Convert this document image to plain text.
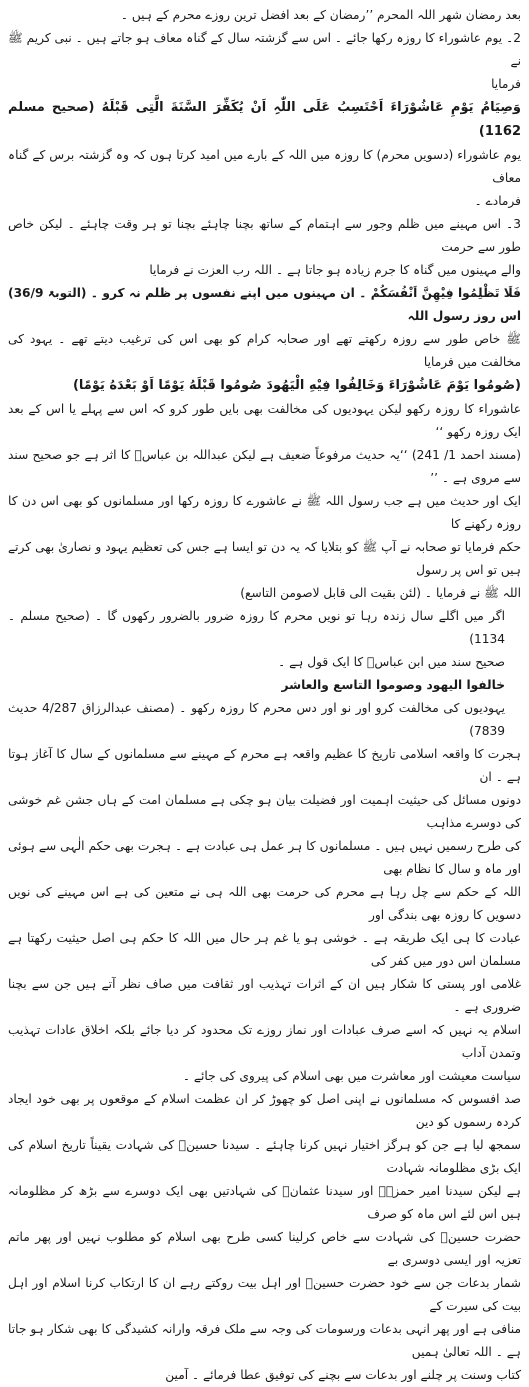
بعد رمضان شھر اللہ المحرم ’’رمضان کے بعد افضل ترین روزے محرم کے ہیں ۔

2۔ یوم عاشوراء کا روزہ رکھا جائے ۔ اس سے گزشتہ سال کے گناہ معاف ہو جاتے ہیں ۔ نبی کریم ﷺ نے

فرمایا

وَصِیَامُ یَوْمِ عَاشُوْرَاءَ اَحْتَسِبُ عَلَی اللّٰہِ اَنْ یُکَفِّرَ السَّنَةَ الَّتِی قَبْلَهُ (صحیح مسلم 1162)

یوم عاشوراء (دسویں محرم) کا روزہ میں اللہ کے بارے میں امید کرتا ہوں کہ وہ گزشتہ برس کے گناہ معاف

فرمادے ۔

3۔ اس مہینے میں ظلم وجور سے اہتمام کے ساتھ بچنا چاہئے بچنا تو ہر وقت چاہئے ۔ لیکن خاص طور سے حرمت

والے مہینوں میں گناہ کا جرم زیادہ ہو جاتا ہے ۔ اللہ رب العزت نے فرمایا

فَلَا تَظْلِمُوا فِیْهِنَّ اَنْفُسَکُمْ ۔ ان مہینوں میں اپنے نفسوں پر ظلم نہ کرو ۔ (التوبۃ 36/9) اس روز رسول اللہ

ﷺ خاص طور سے روزہ رکھتے تھے اور صحابہ کرام کو بھی اس کی ترغیب دیتے تھے ۔ یہود کی مخالفت میں فرمایا

(صُومُوا یَوْمَ عَاشُوْرَاءَ وَخَالِفُوا فِیْهِ الْیَهُودَ صُومُوا قَبْلَهُ یَوْمًا اَوْ بَعْدَهُ یَوْمًا)

عاشوراء کا روزہ رکھو لیکن یہودیوں کی مخالفت بھی بایں طور کرو کہ اس سے پہلے یا اس کے بعد ایک روزہ رکھو ‘‘

(مسند احمد 1/ 241) ‘‘یہ حدیث مرفوعاً ضعیف ہے لیکن عبداللہ بن عباسؓ کا اثر ہے جو صحیح سند سے مروی ہے ۔ ’’

ایک اور حدیث میں ہے جب رسول اللہ ﷺ نے عاشورے کا روزہ رکھا اور مسلمانوں کو بھی اس دن کا روزہ رکھنے کا

حکم فرمایا تو صحابہ نے آپ ﷺ کو بتلایا کہ یہ دن تو ایسا ہے جس کی تعظیم یہود و نصاریٰ بھی کرتے ہیں تو اس پر رسول

اللہ ﷺ نے فرمایا ۔ (لئن بقیت الی قابل لاصومن التاسع)

اگر میں اگلے سال زندہ رہا تو نویں محرم کا روزہ ضرور بالضرور رکھوں گا ۔ (صحیح مسلم ۔ 1134)

صحیح سند میں ابن عباسؓ کا ایک قول ہے ۔

خالفوا الیھود وصوموا التاسع والعاشر

یہودیوں کی مخالفت کرو اور نو اور دس محرم کا روزہ رکھو ۔ (مصنف عبدالرزاق 4/287 حدیث 7839)

ہجرت کا واقعہ اسلامی تاریخ کا عظیم واقعہ ہے محرم کے مہینے سے مسلمانوں کے سال کا آغاز ہوتا ہے ۔ ان

دونوں مسائل کی حیثیت اہمیت اور فضیلت بیان ہو چکی ہے مسلمان امت کے ہاں جشن غم خوشی کی دوسرے مذاہب

کی طرح رسمیں نہیں ہیں ۔ مسلمانوں کا ہر عمل ہی عبادت ہے ۔ ہجرت بھی حکم الٰہی سے ہوئی اور ماہ و سال کا نظام بھی

اللہ کے حکم سے چل رہا ہے محرم کی حرمت بھی اللہ ہی نے متعین کی ہے اس مہینے کی نویں دسویں کا روزہ بھی بندگی اور

عبادت کا ہی ایک طریقہ ہے ۔ خوشی ہو یا غم ہر حال میں اللہ کا حکم ہی اصل حیثیت رکھتا ہے مسلمان اس دور میں کفر کی

غلامی اور پستی کا شکار ہیں ان کے اثرات تہذیب اور ثقافت میں صاف نظر آتے ہیں جن سے بچنا ضروری ہے ۔

اسلام یہ نہیں کہ اسے صرف عبادات اور نماز روزے تک محدود کر دیا جائے بلکہ اخلاق عادات تہذیب وتمدن آداب

سیاست معیشت اور معاشرت میں بھی اسلام کی پیروی کی جائے ۔

صد افسوس کہ مسلمانوں نے اپنی اصل کو چھوڑ کر ان عظمت اسلام کے موقعوں پر بھی خود ایجاد کردہ رسموں کو دین

سمجھ لیا ہے جن کو ہرگز اختیار نہیں کرنا چاہئے ۔ سیدنا حسینؓ کی شہادت یقیناً تاریخ اسلام کی ایک بڑی مظلومانہ شہادت

ہے لیکن سیدنا امیر حمزہؓ اور سیدنا عثمانؓ کی شہادتیں بھی ایک دوسرے سے بڑھ کر مظلومانہ ہیں اس لئے اس ماہ کو صرف

حضرت حسینؓ کی شہادت سے خاص کرلینا کسی طرح بھی اسلام کو مطلوب نہیں اور پھر ماتم تعزیہ اور ایسی دوسری بے

شمار بدعات جن سے خود حضرت حسینؓ اور اہل بیت روکتے رہے ان کا ارتکاب کرنا اسلام اور اہل بیت کی سیرت کے

منافی ہے اور پھر انہی بدعات ورسومات کی وجہ سے ملک فرقہ وارانہ کشیدگی کا بھی شکار ہو جاتا ہے ۔ اللہ تعالیٰ ہمیں

کتاب وسنت پر چلنے اور بدعات سے بچنے کی توفیق عطا فرمائے ۔ آمین
